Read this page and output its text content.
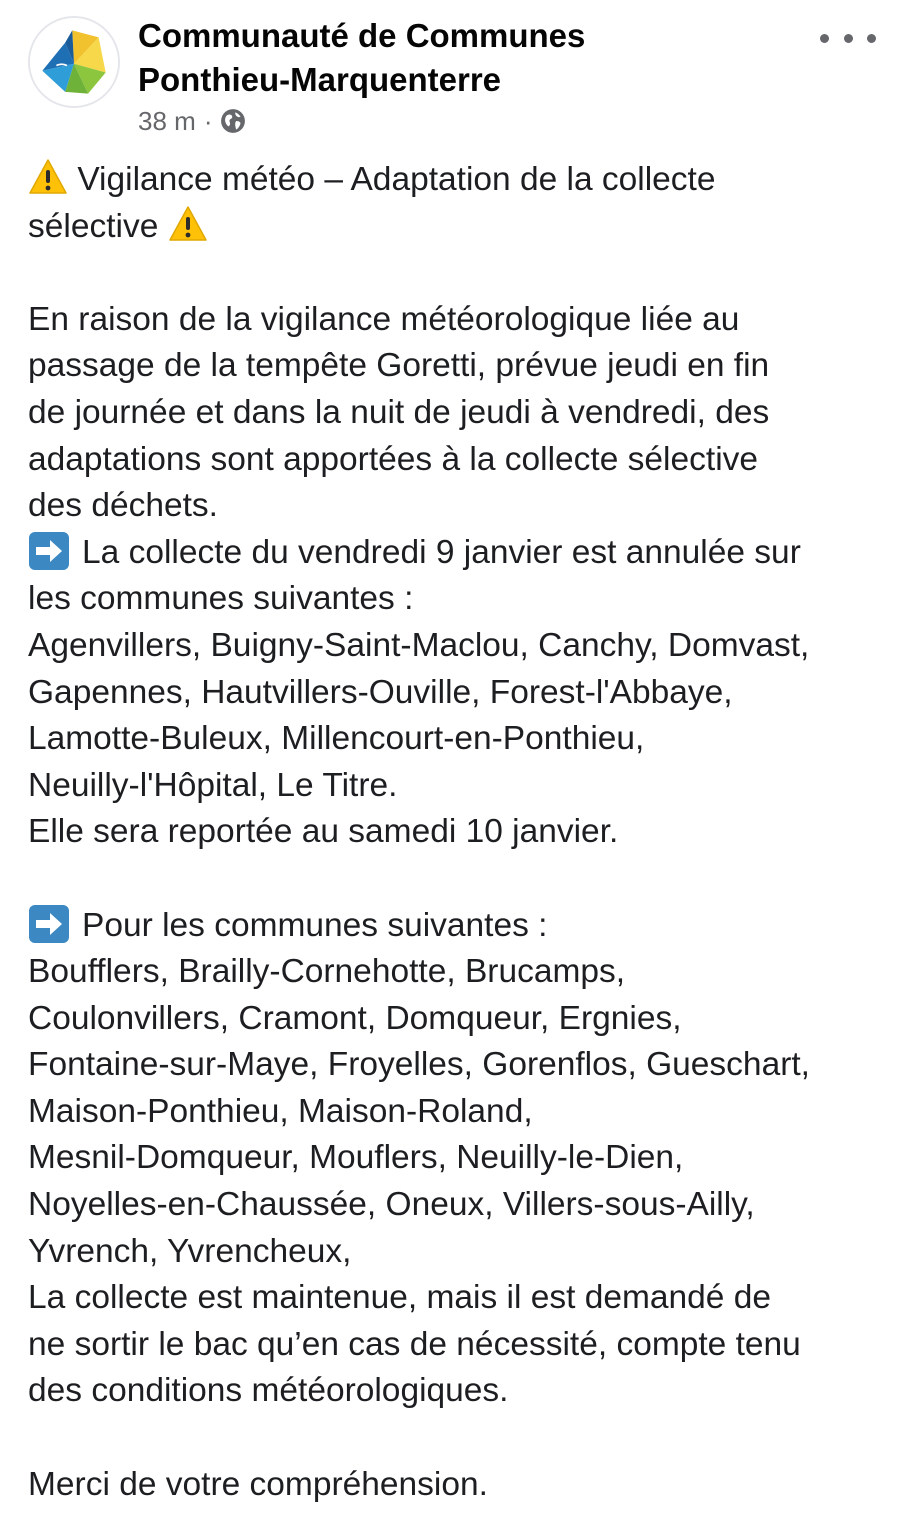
Communauté de Communes
Ponthieu-Marquenterre
38 m ·
Vigilance météo – Adaptation de la collecte
sélective
En raison de la vigilance météorologique liée au
passage de la tempête Goretti, prévue jeudi en fin
de journée et dans la nuit de jeudi à vendredi, des
adaptations sont apportées à la collecte sélective
des déchets.
La collecte du vendredi 9 janvier est annulée sur
les communes suivantes :
Agenvillers, Buigny-Saint-Maclou, Canchy, Domvast,
Gapennes, Hautvillers-Ouville, Forest-l'Abbaye,
Lamotte-Buleux, Millencourt-en-Ponthieu,
Neuilly-l'Hôpital, Le Titre.
Elle sera reportée au samedi 10 janvier.
Pour les communes suivantes :
Boufflers, Brailly-Cornehotte, Brucamps,
Coulonvillers, Cramont, Domqueur, Ergnies,
Fontaine-sur-Maye, Froyelles, Gorenflos, Gueschart,
Maison-Ponthieu, Maison-Roland,
Mesnil-Domqueur, Mouflers, Neuilly-le-Dien,
Noyelles-en-Chaussée, Oneux, Villers-sous-Ailly,
Yvrench, Yvrencheux,
La collecte est maintenue, mais il est demandé de
ne sortir le bac qu’en cas de nécessité, compte tenu
des conditions météorologiques.
Merci de votre compréhension.
